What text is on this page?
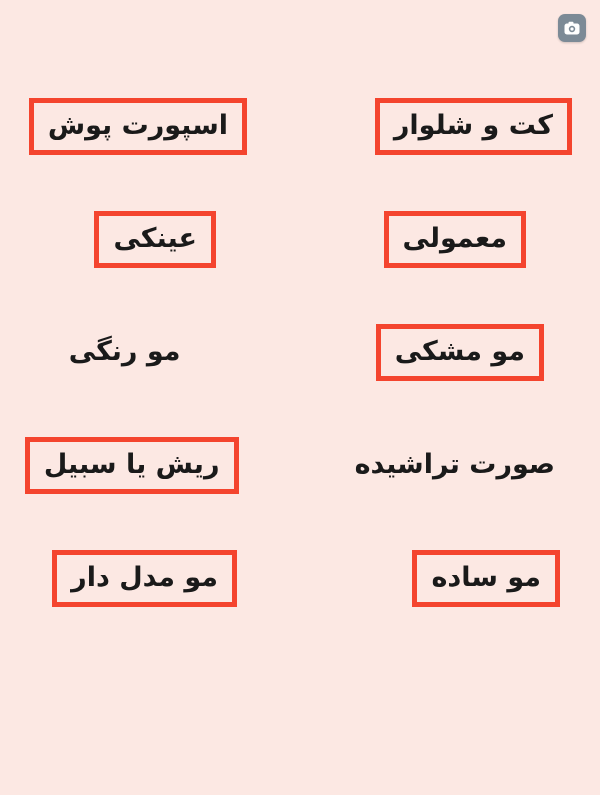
کت و شلوار
اسپورت پوش
معمولی
عینکی
مو مشکی
مو رنگی
صورت تراشیده
ریش یا سبیل
مو ساده
مو مدل دار
